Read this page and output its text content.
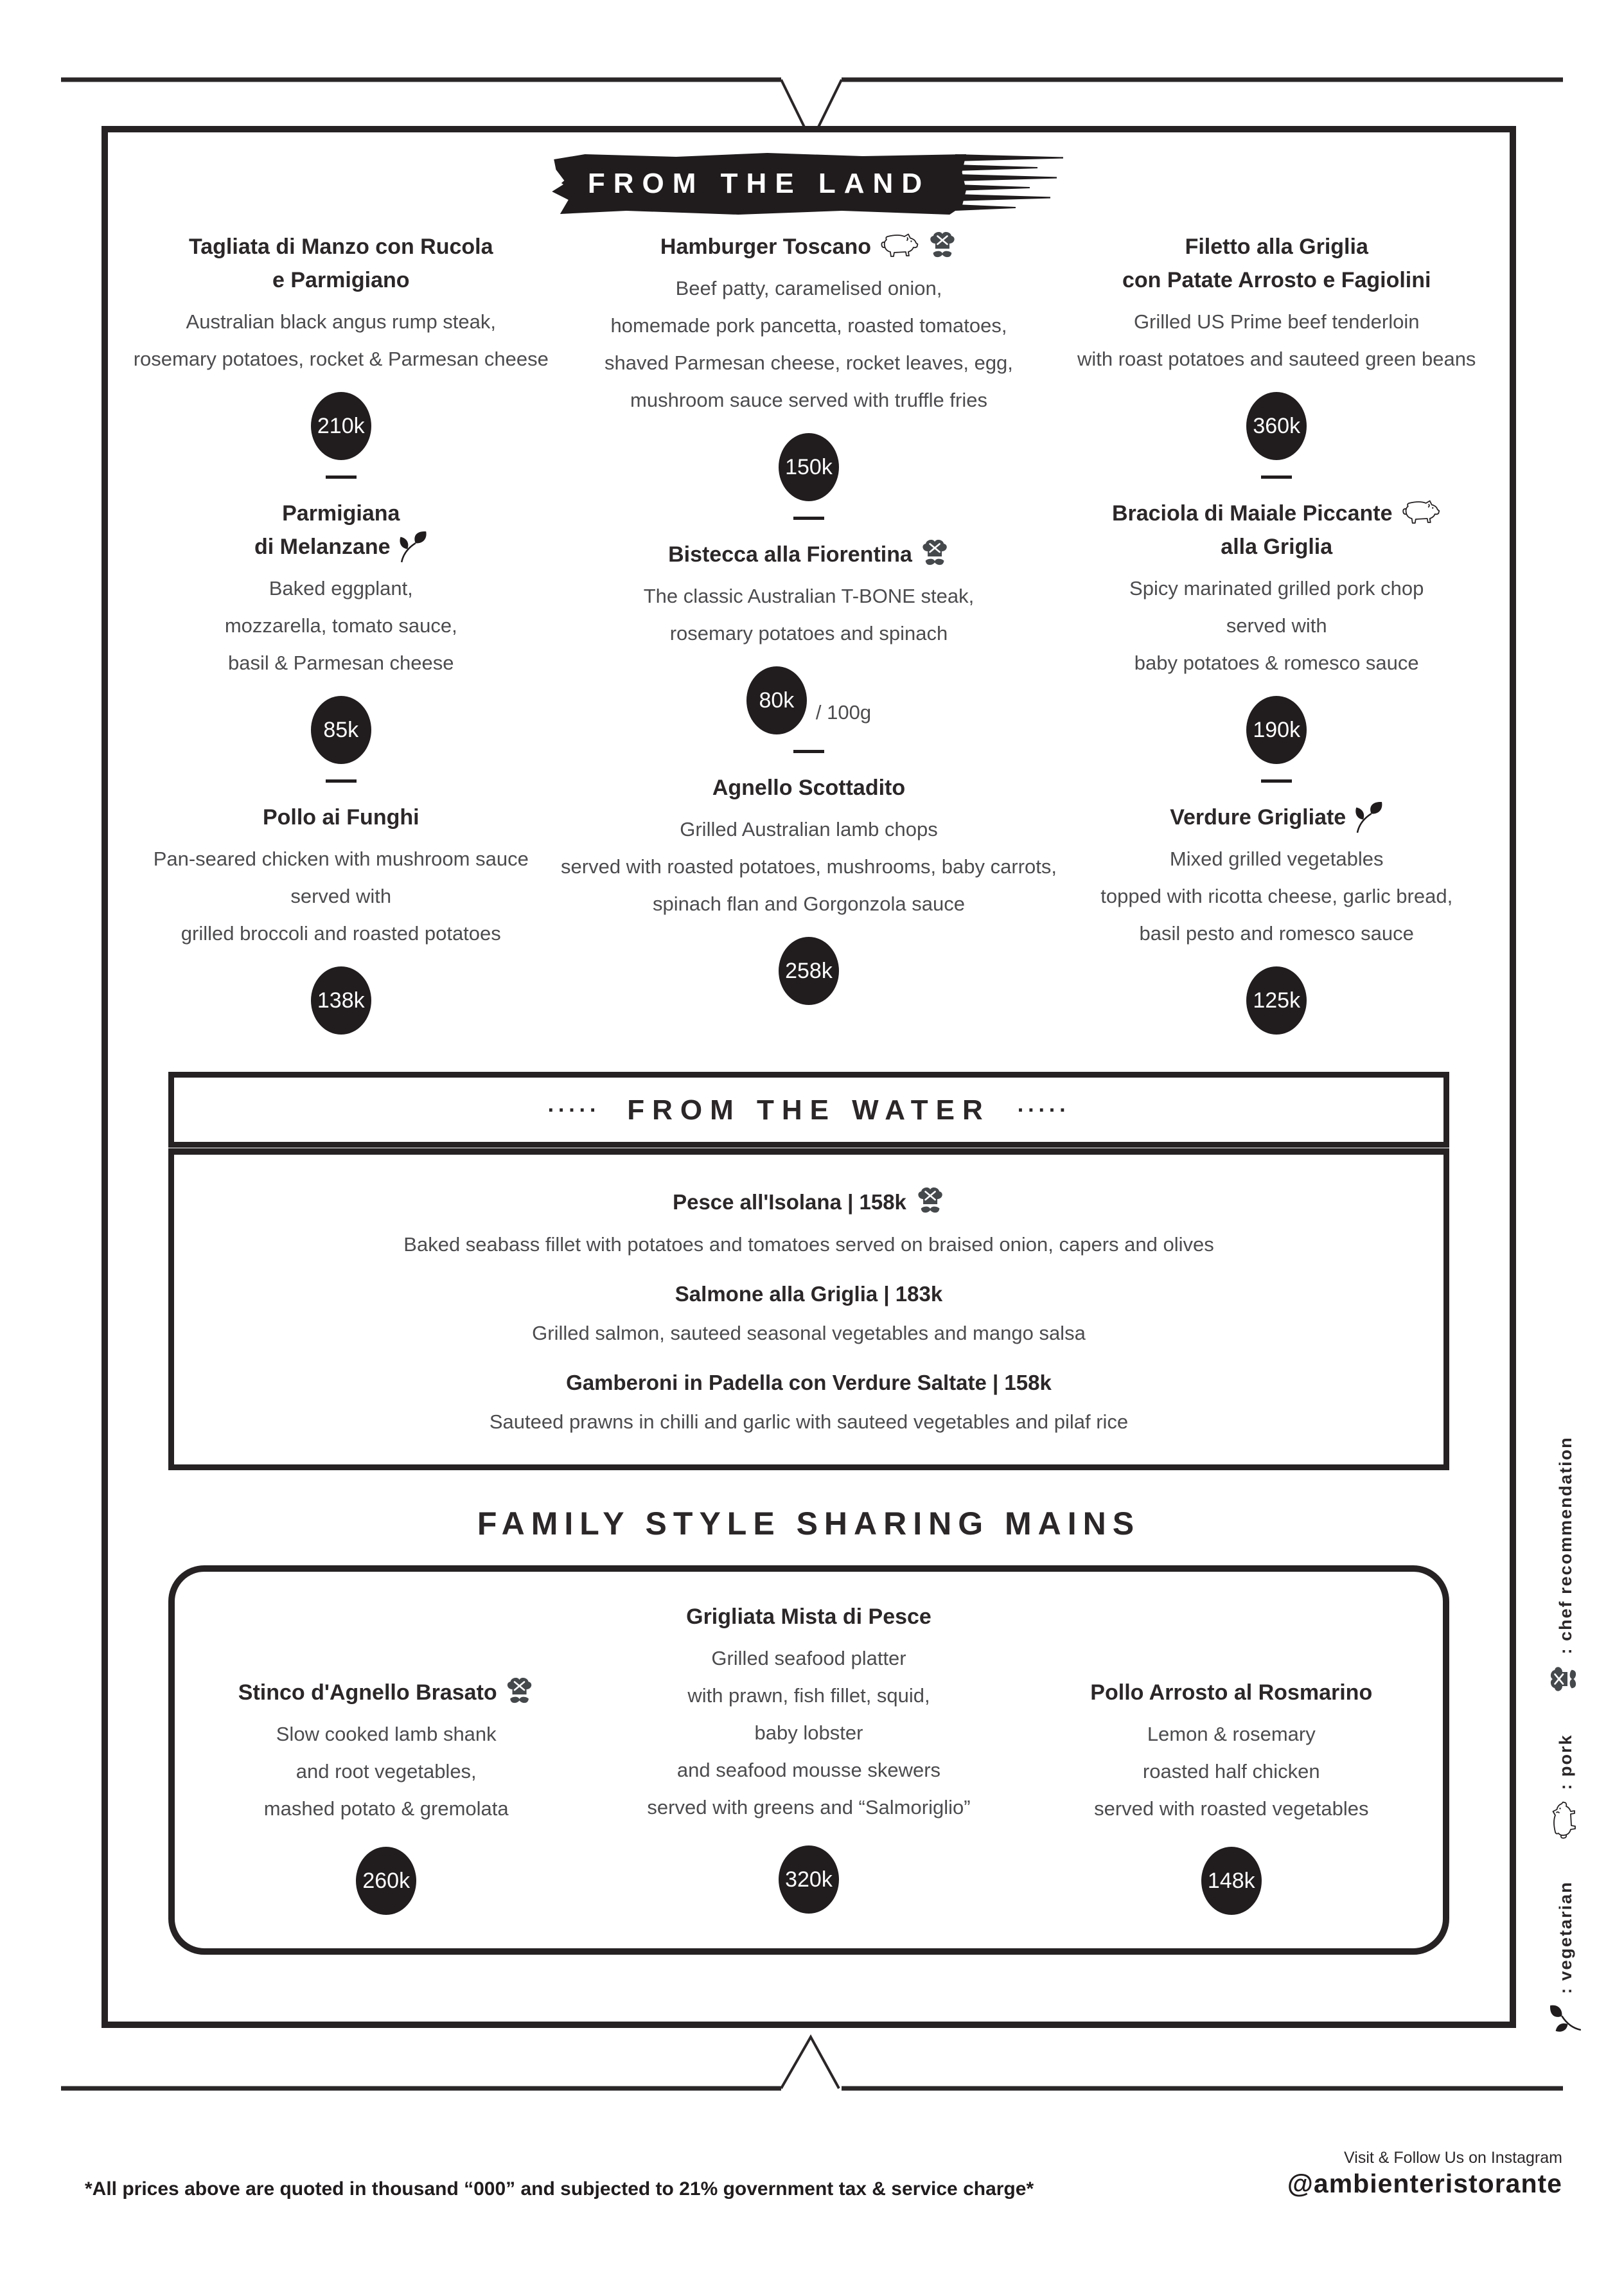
FROM THE LAND
Tagliata di Manzo con Rucola
e Parmigiano
Australian black angus rump steak,
rosemary potatoes, rocket & Parmesan cheese
210k
Parmigiana
di Melanzane
Baked eggplant,
mozzarella, tomato sauce,
basil & Parmesan cheese
85k
Pollo ai Funghi
Pan-seared chicken with mushroom sauce
served with
grilled broccoli and roasted potatoes
138k
Hamburger Toscano
Beef patty, caramelised onion,
homemade pork pancetta, roasted tomatoes,
shaved Parmesan cheese, rocket leaves, egg,
mushroom sauce served with truffle fries
150k
Bistecca alla Fiorentina
The classic Australian T-BONE steak,
rosemary potatoes and spinach
80k	/ 100g
Agnello Scottadito
Grilled Australian lamb chops
served with roasted potatoes, mushrooms, baby carrots,
spinach flan and Gorgonzola sauce
258k
Filetto alla Griglia
con Patate Arrosto e Fagiolini
Grilled US Prime beef tenderloin
with roast potatoes and sauteed green beans
360k
Braciola di Maiale Piccante
alla Griglia
Spicy marinated grilled pork chop
served with
baby potatoes & romesco sauce
190k
Verdure Grigliate
Mixed grilled vegetables
topped with ricotta cheese, garlic bread,
basil pesto and romesco sauce
125k
····· FROM THE WATER ·····
Pesce all'Isolana | 158k
Baked seabass fillet with potatoes and tomatoes served on braised onion, capers and olives
Salmone alla Griglia | 183k
Grilled salmon, sauteed seasonal vegetables and mango salsa
Gamberoni in Padella con Verdure Saltate | 158k
Sauteed prawns in chilli and garlic with sauteed vegetables and pilaf rice
FAMILY STYLE SHARING MAINS
Stinco d'Agnello Brasato
Slow cooked lamb shank
and root vegetables,
mashed potato & gremolata
260k
Grigliata Mista di Pesce
Grilled seafood platter
with prawn, fish fillet, squid,
baby lobster
and seafood mousse skewers
served with greens and “Salmoriglio”
320k
Pollo Arrosto al Rosmarino
Lemon & rosemary
roasted half chicken
served with roasted vegetables
148k
: vegetarian
: pork
: chef recommendation
*All prices above are quoted in thousand “000” and subjected to 21% government tax & service charge*
Visit & Follow Us on Instagram
@ambienteristorante
